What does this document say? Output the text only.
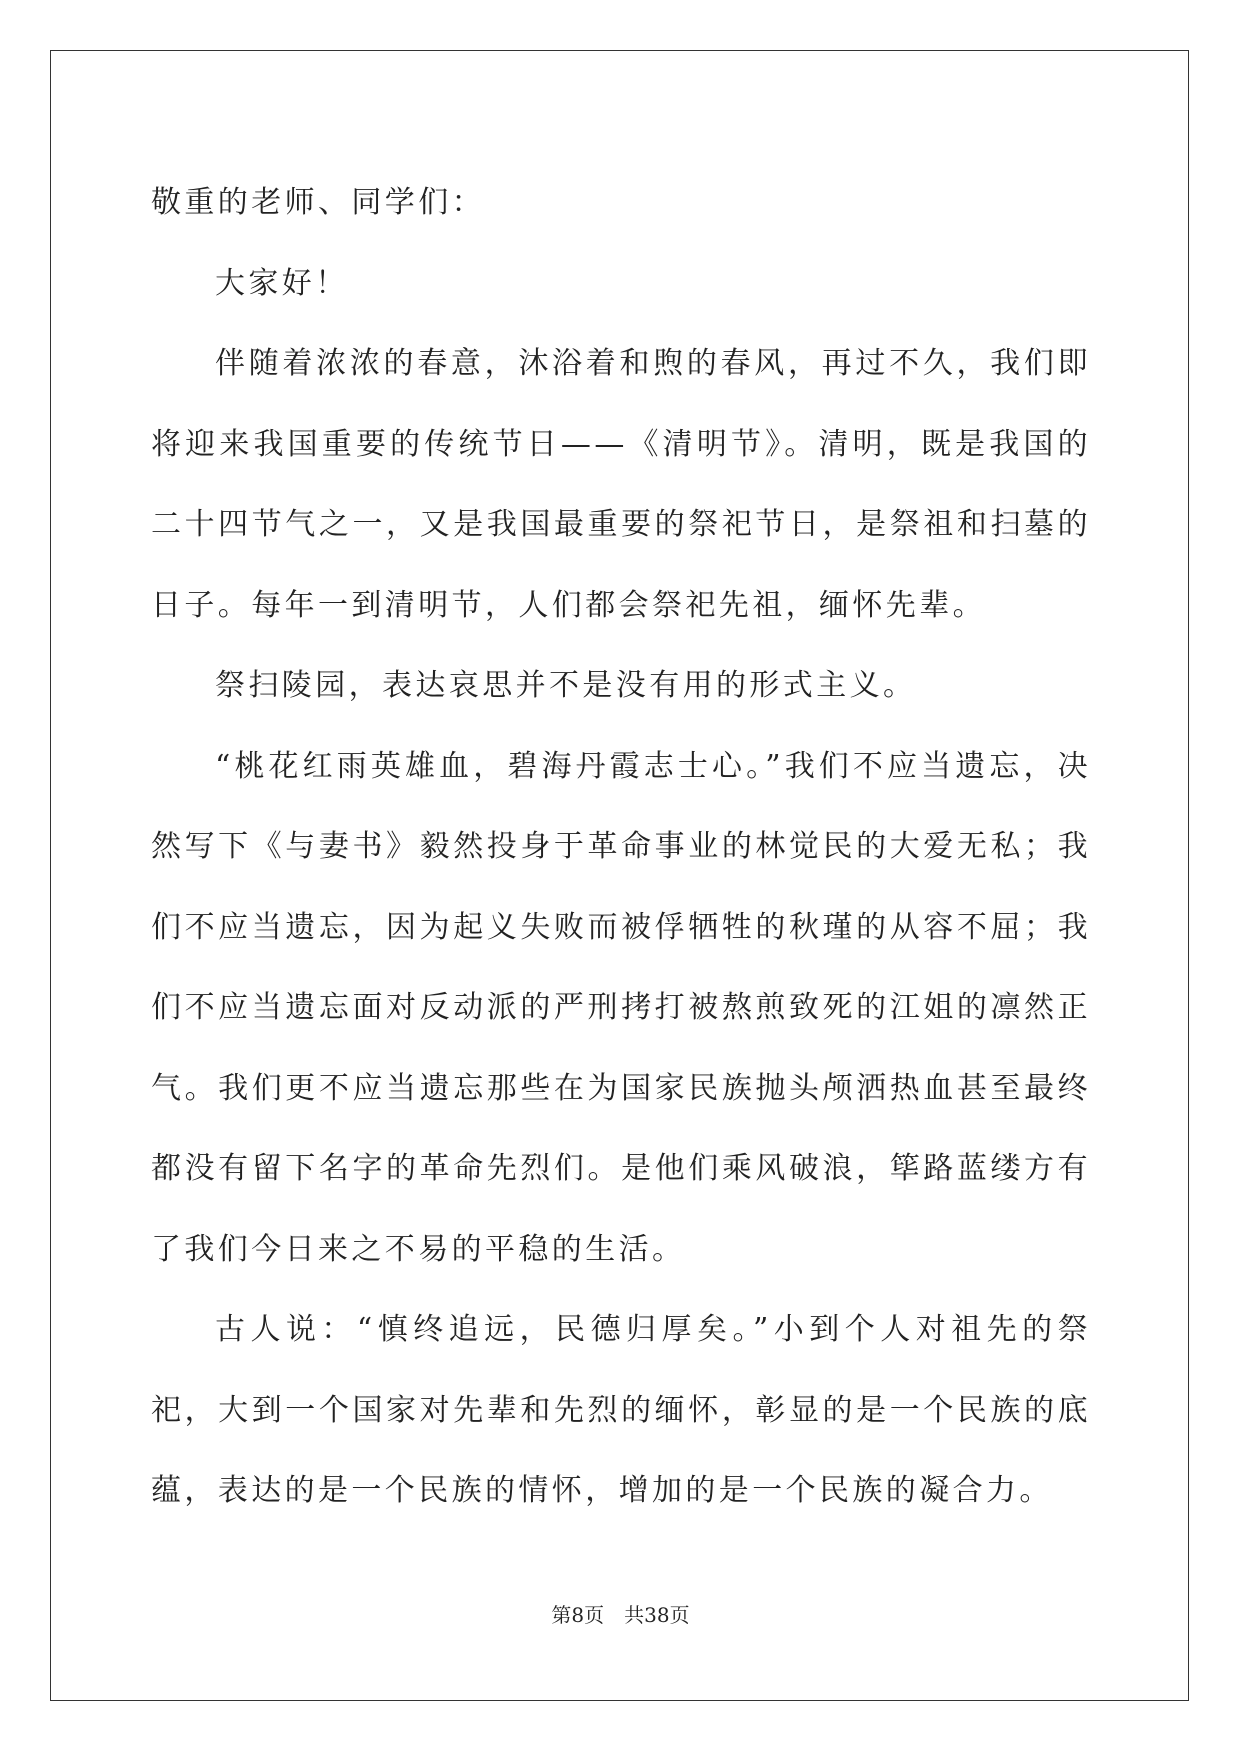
敬重的老师、同学们：

大家好！

伴随着浓浓的春意，沐浴着和煦的春风，再过不久，我们即将迎来我国重要的传统节日——《清明节》。清明，既是我国的二十四节气之一，又是我国最重要的祭祀节日，是祭祖和扫墓的日子。每年一到清明节，人们都会祭祀先祖，缅怀先辈。

祭扫陵园，表达哀思并不是没有用的形式主义。

“桃花红雨英雄血，碧海丹霞志士心。”我们不应当遗忘，决然写下《与妻书》毅然投身于革命事业的林觉民的大爱无私；我们不应当遗忘，因为起义失败而被俘牺牲的秋瑾的从容不屈；我们不应当遗忘面对反动派的严刑拷打被熬煎致死的江姐的凛然正气。我们更不应当遗忘那些在为国家民族抛头颅洒热血甚至最终都没有留下名字的革命先烈们。是他们乘风破浪，筚路蓝缕方有了我们今日来之不易的平稳的生活。

古人说：“慎终追远，民德归厚矣。”小到个人对祖先的祭祀，大到一个国家对先辈和先烈的缅怀，彰显的是一个民族的底蕴，表达的是一个民族的情怀，增加的是一个民族的凝合力。

第8页 共38页
